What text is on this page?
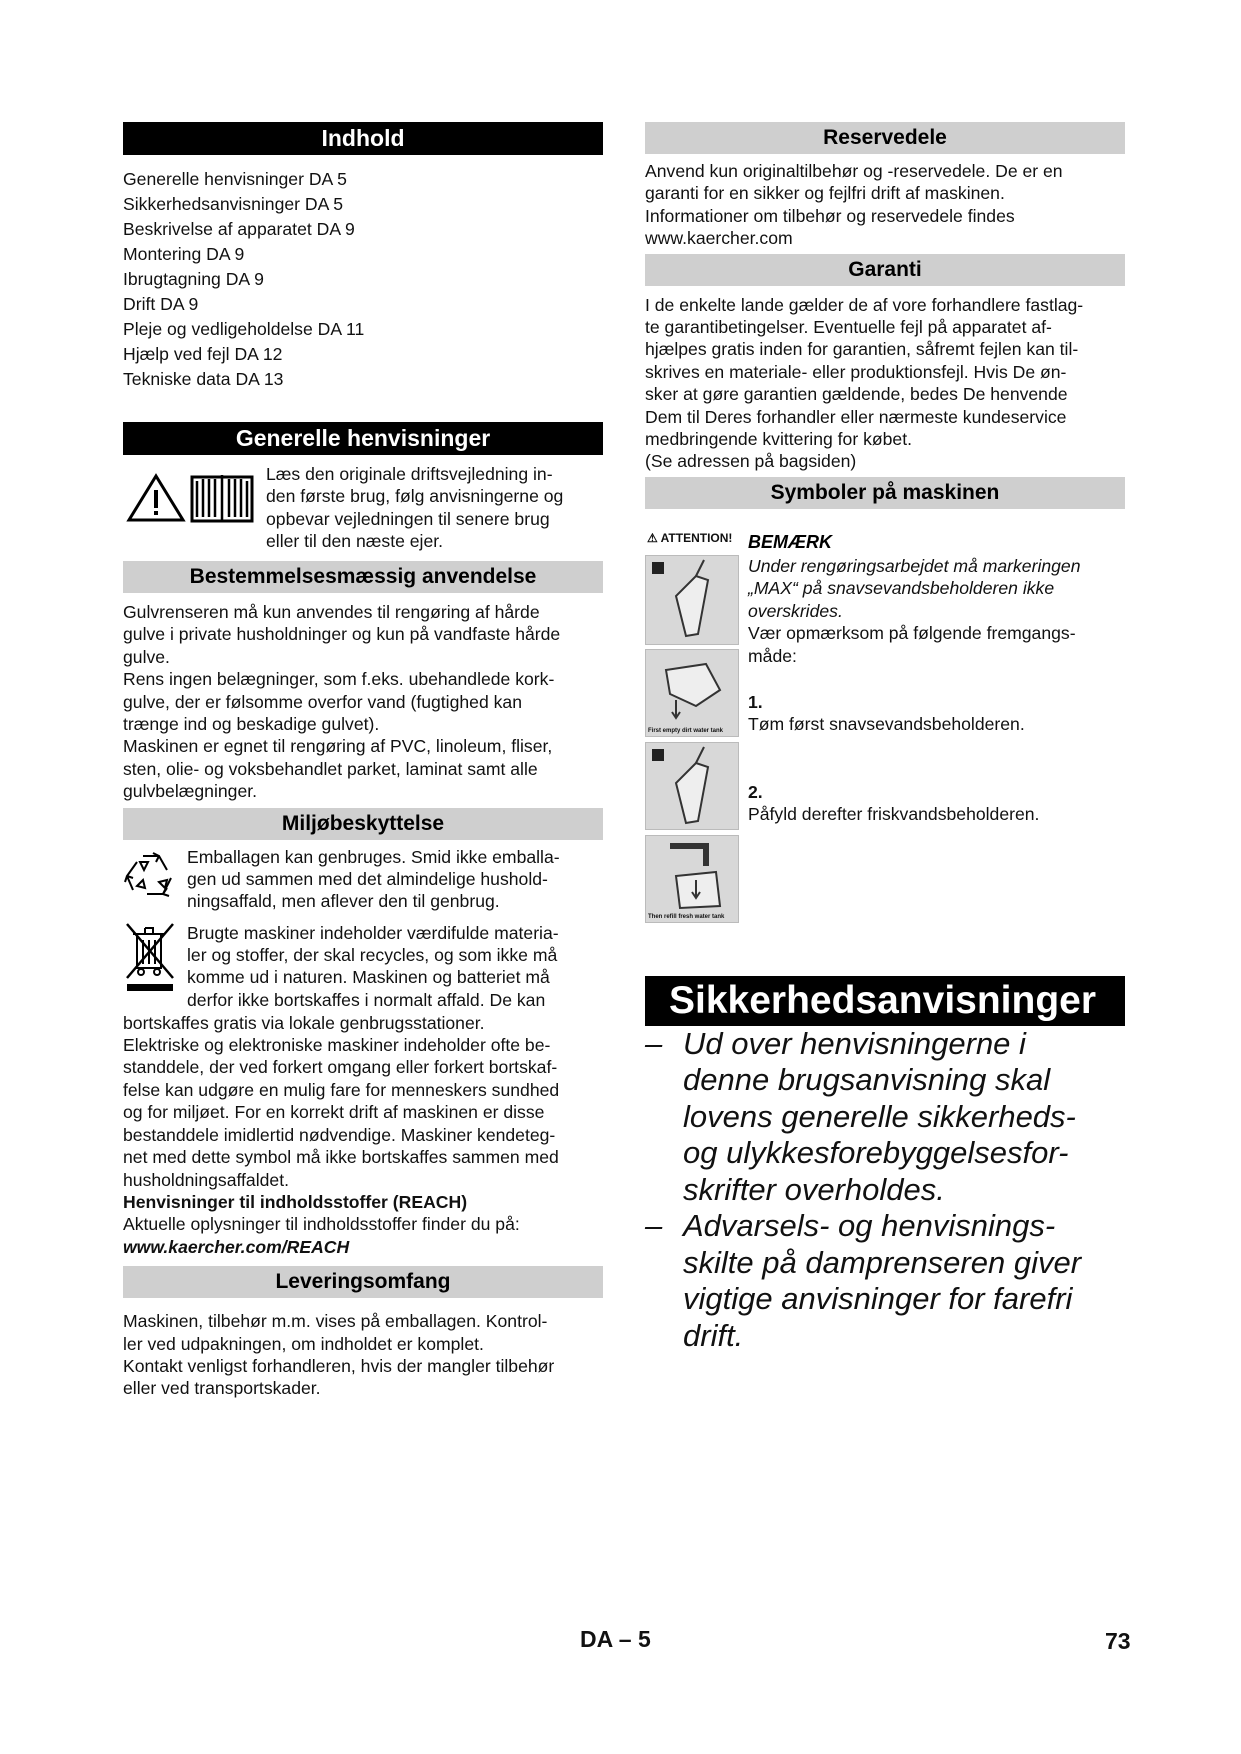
Indhold
Generelle henvisninger DA 5
Sikkerhedsanvisninger DA 5
Beskrivelse af apparatet DA 9
Montering DA 9
Ibrugtagning DA 9
Drift DA 9
Pleje og vedligeholdelse DA 11
Hjælp ved fejl DA 12
Tekniske data DA 13
Generelle henvisninger

Læs den originale driftsvejledning in-
den første brug, følg anvisningerne og
opbevar vejledningen til senere brug
eller til den næste ejer.

Bestemmelsesmæssig anvendelse

Gulvrenseren må kun anvendes til rengøring af hårde
gulve i private husholdninger og kun på vandfaste hårde
gulve.
Rens ingen belægninger, som f.eks. ubehandlede kork-
gulve, der er følsomme overfor vand (fugtighed kan
trænge ind og beskadige gulvet).
Maskinen er egnet til rengøring af PVC, linoleum, fliser,
sten, olie- og voksbehandlet parket, laminat samt alle
gulvbelægninger.

Miljøbeskyttelse

Emballagen kan genbruges. Smid ikke emballa-
gen ud sammen med det almindelige hushold-
ningsaffald, men aflever den til genbrug.

Brugte maskiner indeholder værdifulde materia-
ler og stoffer, der skal recycles, og som ikke må
komme ud i naturen. Maskinen og batteriet må
derfor ikke bortskaffes i normalt affald. De kan

bortskaffes gratis via lokale genbrugsstationer.
Elektriske og elektroniske maskiner indeholder ofte be-
standdele, der ved forkert omgang eller forkert bortskaf-
felse kan udgøre en mulig fare for menneskers sundhed
og for miljøet. For en korrekt drift af maskinen er disse
bestanddele imidlertid nødvendige. Maskiner kendeteg-
net med dette symbol må ikke bortskaffes sammen med
husholdningsaffaldet.

Henvisninger til indholdsstoffer (REACH)

Aktuelle oplysninger til indholdsstoffer finder du på:

www.kaercher.com/REACH

Leveringsomfang

Maskinen, tilbehør m.m. vises på emballagen. Kontrol-
ler ved udpakningen, om indholdet er komplet.
Kontakt venligst forhandleren, hvis der mangler tilbehør
eller ved transportskader.

Reservedele

Anvend kun originaltilbehør og -reservedele. De er en
garanti for en sikker og fejlfri drift af maskinen.
Informationer om tilbehør og reservedele findes
www.kaercher.com

Garanti

I de enkelte lande gælder de af vore forhandlere fastlag-
te garantibetingelser. Eventuelle fejl på apparatet af-
hjælpes gratis inden for garantien, såfremt fejlen kan til-
skrives en materiale- eller produktionsfejl. Hvis De øn-
sker at gøre garantien gældende, bedes De henvende
Dem til Deres forhandler eller nærmeste kundeservice
medbringende kvittering for købet.
(Se adressen på bagsiden)

Symboler på maskinen
⚠ ATTENTION!
First empty dirt water tank
Then refill fresh water tank
BEMÆRK

Under rengøringsarbejdet må markeringen
„MAX“ på snavsevandsbeholderen ikke
overskrides.

Vær opmærksom på følgende fremgangs-
måde:

1.

Tøm først snavsevandsbeholderen.

2.

Påfyld derefter friskvandsbeholderen.

Sikkerhedsanvisninger
– Ud over henvisningerne i
denne brugsanvisning skal
lovens generelle sikkerheds-
og ulykkesforebyggelsesfor-
skrifter overholdes.
– Advarsels- og henvisnings-
skilte på damprenseren giver
vigtige anvisninger for farefri
drift.
DA – 5	73
